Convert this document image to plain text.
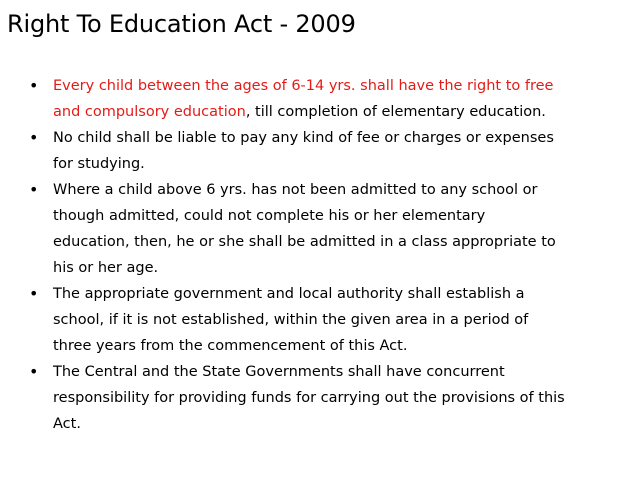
Right To Education Act - 2009
•	Every child between the ages of 6-14 yrs. shall have the right to free
and compulsory education, till completion of elementary education.
•	No child shall be liable to pay any kind of fee or charges or expenses
for studying.
•	Where a child above 6 yrs. has not been admitted to any school or
though admitted, could not complete his or her elementary
education, then, he or she shall be admitted in a class appropriate to
his or her age.
•	The appropriate government and local authority shall establish a
school, if it is not established, within the given area in a period of
three years from the commencement of this Act.
•	The Central and the State Governments shall have concurrent
responsibility for providing funds for carrying out the provisions of this
Act.
